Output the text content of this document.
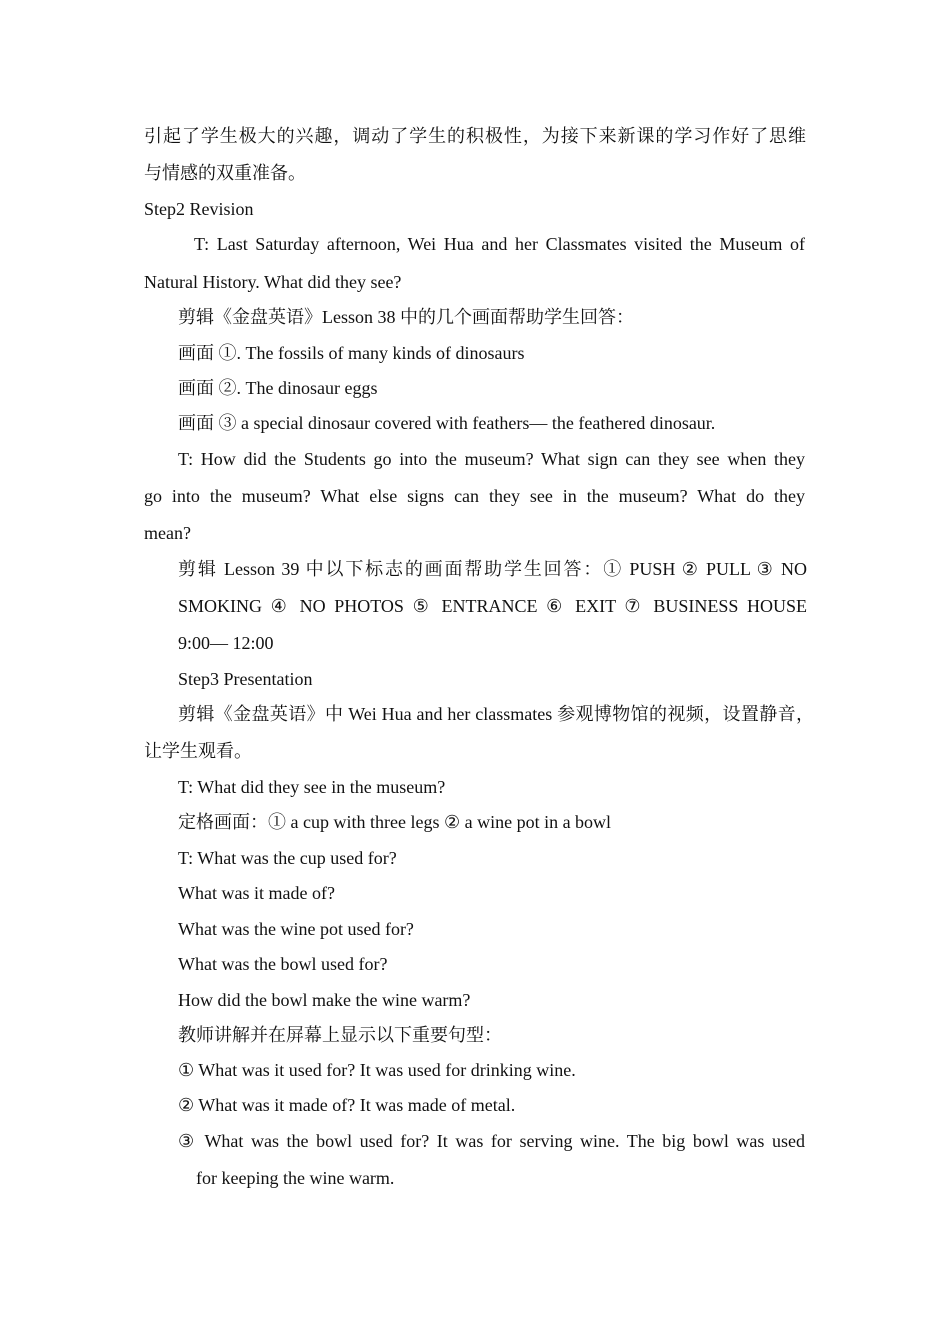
引起了学生极大的兴趣，调动了学生的积极性，为接下来新课的学习作好了思维
与情感的双重准备。
Step2 Revision
T: Last Saturday afternoon, Wei Hua and her Classmates visited the Museum of
Natural History. What did they see?
剪辑《金盘英语》Lesson 38 中的几个画面帮助学生回答：
画面 ①. The fossils of many kinds of dinosaurs
画面 ②. The dinosaur eggs
画面 ③ a special dinosaur covered with feathers— the feathered dinosaur.
T: How did the Students go into the museum? What sign can they see when they
go into the museum? What else signs can they see in the museum? What do they
mean?
剪辑 Lesson 39 中以下标志的画面帮助学生回答：① PUSH ② PULL ③ NO
SMOKING ④ NO PHOTOS ⑤ ENTRANCE ⑥ EXIT ⑦ BUSINESS HOUSE
9:00— 12:00
Step3 Presentation
剪辑《金盘英语》中 Wei Hua and her classmates 参观博物馆的视频，设置静音，
让学生观看。
T: What did they see in the museum?
定格画面：① a cup with three legs ② a wine pot in a bowl
T: What was the cup used for?
What was it made of?
What was the wine pot used for?
What was the bowl used for?
How did the bowl make the wine warm?
教师讲解并在屏幕上显示以下重要句型：
① What was it used for? It was used for drinking wine.
② What was it made of? It was made of metal.
③ What was the bowl used for? It was for serving wine. The big bowl was used
for keeping the wine warm.
